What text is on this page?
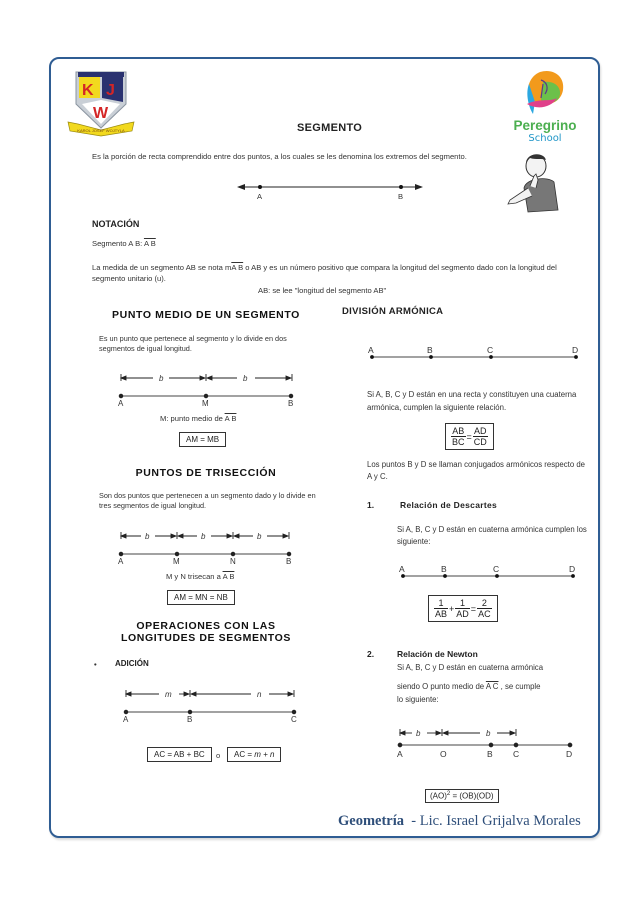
K J
W
KAROL JOSEF WOJTYLA	Peregrino
School
SEGMENTO
Es la porción de recta comprendido entre dos puntos, a los cuales se les denomina los extremos del segmento.
A	B
NOTACIÓN
Segmento A B: A B
La medida de un segmento AB se nota mA B o AB y es un número positivo que compara la longitud del segmento dado con la longitud del segmento unitario (u).
AB: se lee "longitud del segmento AB"
PUNTO MEDIO DE UN SEGMENTO
Es un punto que pertenece al segmento y lo divide en dos segmentos de igual longitud.
b	b
A	M	B
M: punto medio de A B
AM = MB
PUNTOS DE TRISECCIÓN
Son dos puntos que pertenecen a un segmento dado y lo divide en tres segmentos de igual longitud.
b	b	b
A	M	N	B
M y N trisecan a A B
AM = MN = NB
OPERACIONES CON LAS
LONGITUDES DE SEGMENTOS
• ADICIÓN
m	n
A	B	C
AC = AB + BC	o	AC = m + n
DIVISIÓN ARMÓNICA
A	B	C	D
Si A, B, C y D están en una recta y constituyen una cuaterna armónica, cumplen la siguiente relación.
$\frac{AB}{BC} = \frac{AD}{CD}$
Los puntos B y D se llaman conjugados armónicos respecto de A y C.
1.	Relación de Descartes
Si A, B, C y D están en cuaterna armónica cumplen los siguiente:
A	B	C	D
$\frac{1}{AB} + \frac{1}{AD} = \frac{2}{AC}$
2.	Relación de Newton
Si A, B, C y D están en cuaterna armónica
siendo O punto medio de A C , se cumple
lo siguiente:
b	b
A	O	B C	D
(AO)$^2$ = (OB)(OD)
Geometría  - Lic. Israel Grijalva Morales
